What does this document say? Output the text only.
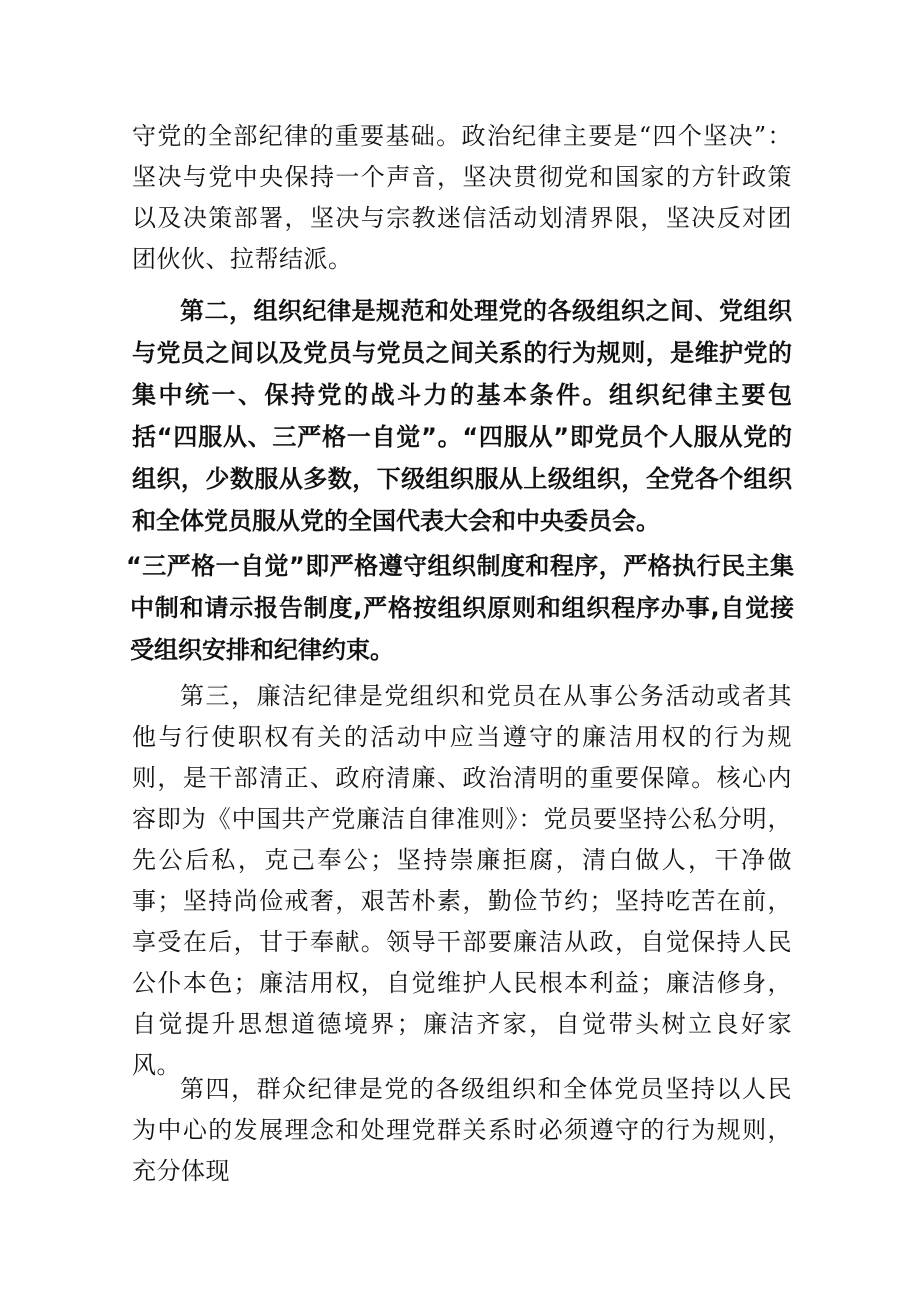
守党的全部纪律的重要基础。政治纪律主要是“四个坚决”：坚决与党中央保持一个声音，坚决贯彻党和国家的方针政策以及决策部署，坚决与宗教迷信活动划清界限，坚决反对团团伙伙、拉帮结派。

第二，组织纪律是规范和处理党的各级组织之间、党组织与党员之间以及党员与党员之间关系的行为规则，是维护党的集中统一、保持党的战斗力的基本条件。组织纪律主要包括“四服从、三严格一自觉”。“四服从”即党员个人服从党的组织，少数服从多数，下级组织服从上级组织，全党各个组织和全体党员服从党的全国代表大会和中央委员会。

“三严格一自觉”即严格遵守组织制度和程序，严格执行民主集中制和请示报告制度,严格按组织原则和组织程序办事,自觉接受组织安排和纪律约束。

第三，廉洁纪律是党组织和党员在从事公务活动或者其他与行使职权有关的活动中应当遵守的廉洁用权的行为规则，是干部清正、政府清廉、政治清明的重要保障。核心内容即为《中国共产党廉洁自律准则》：党员要坚持公私分明，先公后私，克己奉公；坚持崇廉拒腐，清白做人，干净做事；坚持尚俭戒奢，艰苦朴素，勤俭节约；坚持吃苦在前，享受在后，甘于奉献。领导干部要廉洁从政，自觉保持人民公仆本色；廉洁用权，自觉维护人民根本利益；廉洁修身，自觉提升思想道德境界；廉洁齐家，自觉带头树立良好家风。

第四，群众纪律是党的各级组织和全体党员坚持以人民为中心的发展理念和处理党群关系时必须遵守的行为规则，充分体现
